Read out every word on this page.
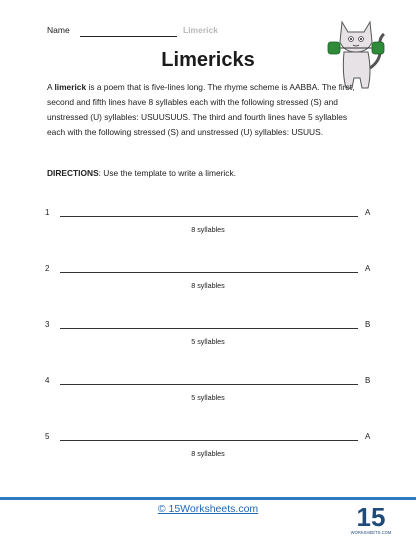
Name	Limerick
Limericks
A limerick is a poem that is five-lines long. The rhyme scheme is AABBA. The first, second and fifth lines have 8 syllables each with the following stressed (S) and unstressed (U) syllables: USUUSUUS. The third and fourth lines have 5 syllables each with the following stressed (S) and unstressed (U) syllables: USUUS.
DIRECTIONS: Use the template to write a limerick.
1	A
8 syllables
2	A
8 syllables
3	B
5 syllables
4	B
5 syllables
5	A
8 syllables
© 15Worksheets.com	15
WORKSHEETS.COM
